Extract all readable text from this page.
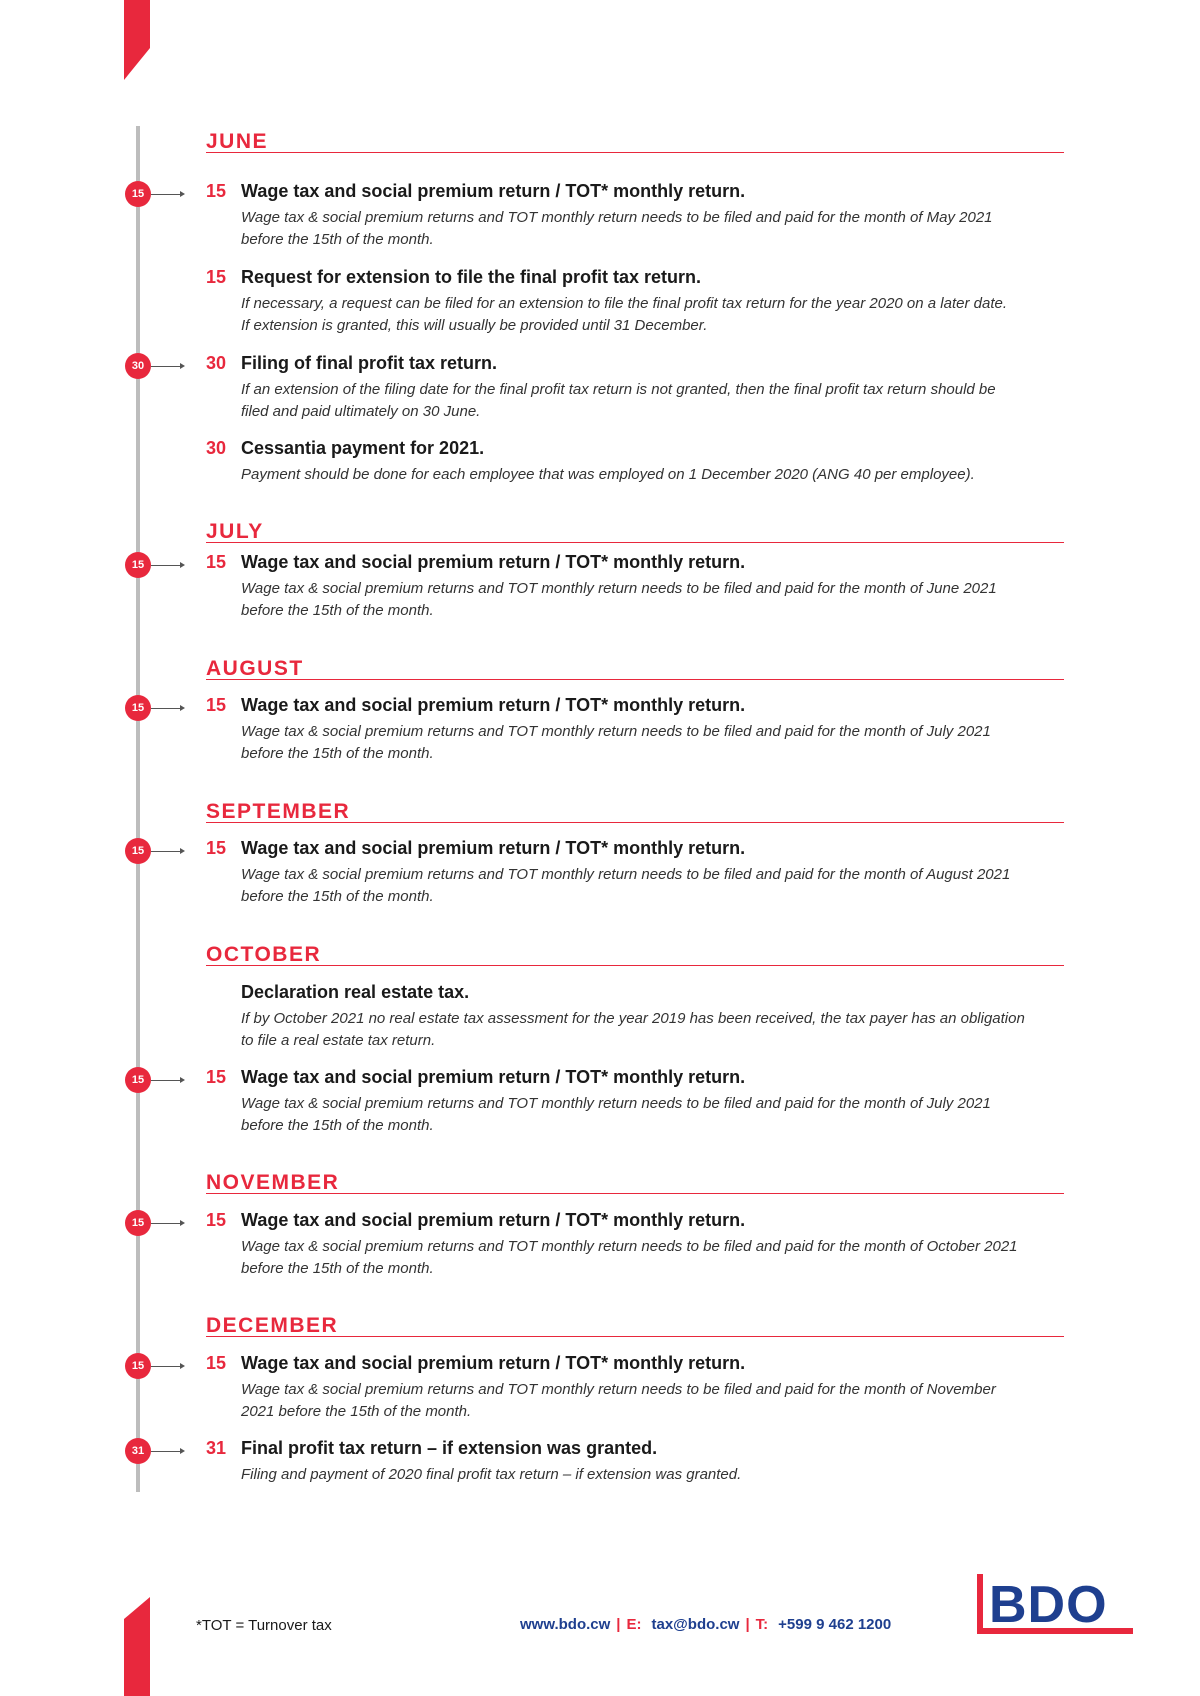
JUNE
15	15 Wage tax and social premium return / TOT* monthly return.
Wage tax & social premium returns and TOT monthly return needs to be filed and paid for the month of May 2021
before the 15th of the month.
15 Request for extension to file the final profit tax return.
If necessary, a request can be filed for an extension to file the final profit tax return for the year 2020 on a later date.
If extension is granted, this will usually be provided until 31 December.
30	30 Filing of final profit tax return.
If an extension of the filing date for the final profit tax return is not granted, then the final profit tax return should be
filed and paid ultimately on 30 June.
30 Cessantia payment for 2021.
Payment should be done for each employee that was employed on 1 December 2020 (ANG 40 per employee).
JULY
15	15 Wage tax and social premium return / TOT* monthly return.
Wage tax & social premium returns and TOT monthly return needs to be filed and paid for the month of June 2021
before the 15th of the month.
AUGUST
15	15 Wage tax and social premium return / TOT* monthly return.
Wage tax & social premium returns and TOT monthly return needs to be filed and paid for the month of July 2021
before the 15th of the month.
SEPTEMBER
15	15 Wage tax and social premium return / TOT* monthly return.
Wage tax & social premium returns and TOT monthly return needs to be filed and paid for the month of August 2021
before the 15th of the month.
OCTOBER
Declaration real estate tax.
If by October 2021 no real estate tax assessment for the year 2019 has been received, the tax payer has an obligation
to file a real estate tax return.
15	15 Wage tax and social premium return / TOT* monthly return.
Wage tax & social premium returns and TOT monthly return needs to be filed and paid for the month of July 2021
before the 15th of the month.
NOVEMBER
15	15 Wage tax and social premium return / TOT* monthly return.
Wage tax & social premium returns and TOT monthly return needs to be filed and paid for the month of October 2021
before the 15th of the month.
DECEMBER
15	15 Wage tax and social premium return / TOT* monthly return.
Wage tax & social premium returns and TOT monthly return needs to be filed and paid for the month of November
2021 before the 15th of the month.
31	31 Final profit tax return – if extension was granted.
Filing and payment of 2020 final profit tax return – if extension was granted.
*TOT = Turnover tax	www.bdo.cw | E: tax@bdo.cw | T: +599 9 462 1200 BDO
